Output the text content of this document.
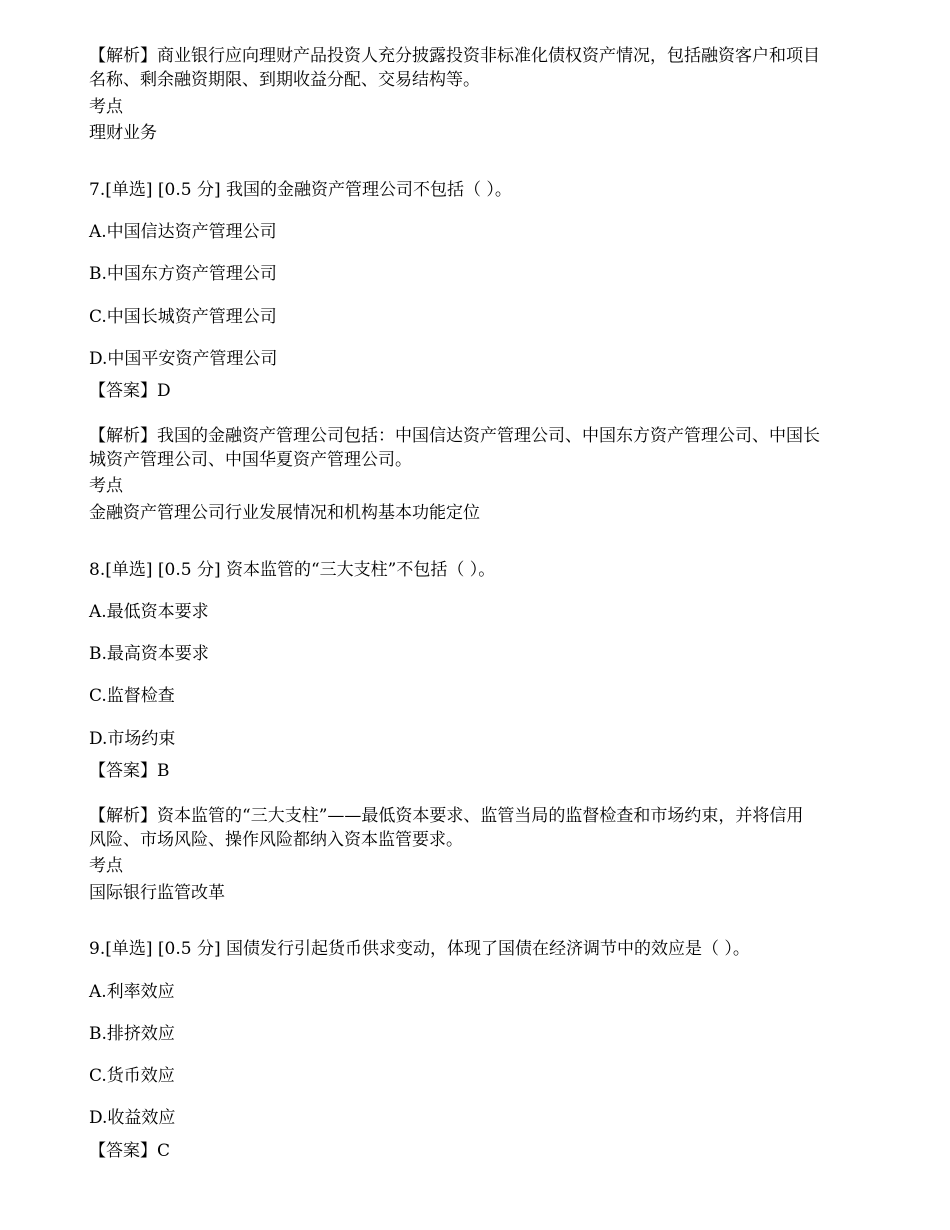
【解析】商业银行应向理财产品投资人充分披露投资非标准化债权资产情况，包括融资客户和项目
名称、剩余融资期限、到期收益分配、交易结构等。
考点
理财业务
7.[单选] [0.5 分] 我国的金融资产管理公司不包括（ ）。
A.中国信达资产管理公司
B.中国东方资产管理公司
C.中国长城资产管理公司
D.中国平安资产管理公司
【答案】D
【解析】我国的金融资产管理公司包括：中国信达资产管理公司、中国东方资产管理公司、中国长
城资产管理公司、中国华夏资产管理公司。
考点
金融资产管理公司行业发展情况和机构基本功能定位
8.[单选] [0.5 分] 资本监管的“三大支柱”不包括（ ）。
A.最低资本要求
B.最高资本要求
C.监督检查
D.市场约束
【答案】B
【解析】资本监管的“三大支柱”——最低资本要求、监管当局的监督检查和市场约束，并将信用
风险、市场风险、操作风险都纳入资本监管要求。
考点
国际银行监管改革
9.[单选] [0.5 分] 国债发行引起货币供求变动，体现了国债在经济调节中的效应是（ ）。
A.利率效应
B.排挤效应
C.货币效应
D.收益效应
【答案】C
